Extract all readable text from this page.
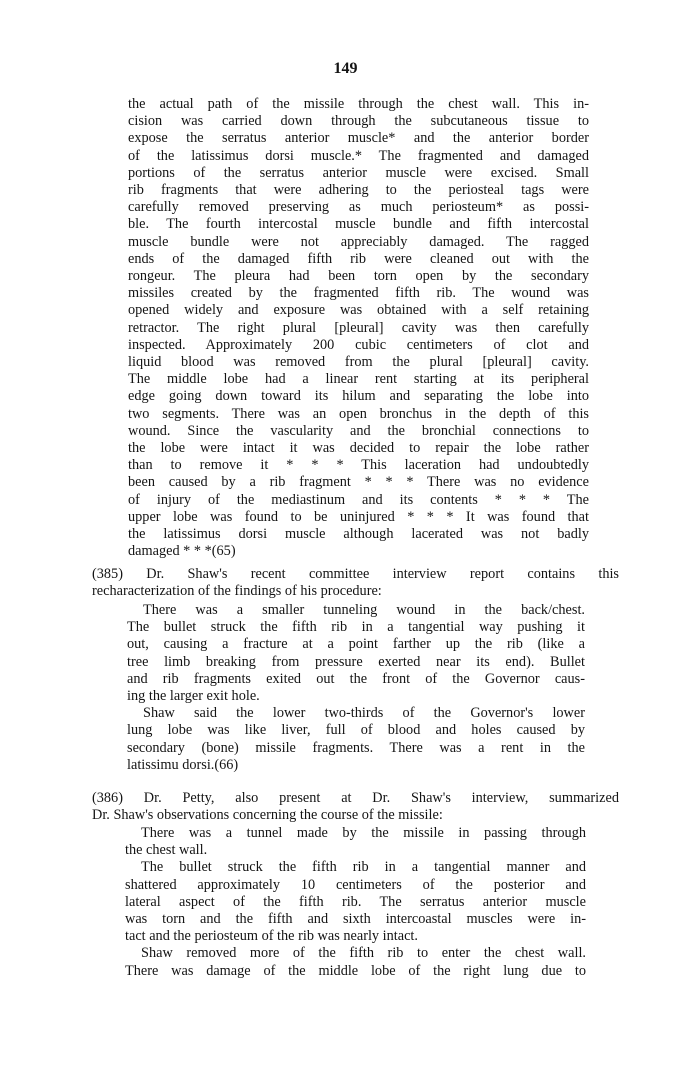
149

the actual path of the missile through the chest wall. This in-
cision was carried down through the subcutaneous tissue to
expose the serratus anterior muscle* and the anterior border
of the latissimus dorsi muscle.* The fragmented and damaged
portions of the serratus anterior muscle were excised. Small
rib fragments that were adhering to the periosteal tags were
carefully removed preserving as much periosteum* as possi-
ble. The fourth intercostal muscle bundle and fifth intercostal
muscle bundle were not appreciably damaged. The ragged
ends of the damaged fifth rib were cleaned out with the
rongeur. The pleura had been torn open by the secondary
missiles created by the fragmented fifth rib. The wound was
opened widely and exposure was obtained with a self retaining
retractor. The right plural [pleural] cavity was then carefully
inspected. Approximately 200 cubic centimeters of clot and
liquid blood was removed from the plural [pleural] cavity.
The middle lobe had a linear rent starting at its peripheral
edge going down toward its hilum and separating the lobe into
two segments. There was an open bronchus in the depth of this
wound. Since the vascularity and the bronchial connections to
the lobe were intact it was decided to repair the lobe rather
than to remove it * * * This laceration had undoubtedly
been caused by a rib fragment * * * There was no evidence
of injury of the mediastinum and its contents * * * The
upper lobe was found to be uninjured * * * It was found that
the latissimus dorsi muscle although lacerated was not badly
damaged * * *(65)

(385) Dr. Shaw's recent committee interview report contains this
recharacterization of the findings of his procedure:

There was a smaller tunneling wound in the back/chest.
The bullet struck the fifth rib in a tangential way pushing it
out, causing a fracture at a point farther up the rib (like a
tree limb breaking from pressure exerted near its end). Bullet
and rib fragments exited out the front of the Governor caus-
ing the larger exit hole.
Shaw said the lower two-thirds of the Governor's lower
lung lobe was like liver, full of blood and holes caused by
secondary (bone) missile fragments. There was a rent in the
latissimu dorsi.(66)

(386) Dr. Petty, also present at Dr. Shaw's interview, summarized
Dr. Shaw's observations concerning the course of the missile:

There was a tunnel made by the missile in passing through
the chest wall.
The bullet struck the fifth rib in a tangential manner and
shattered approximately 10 centimeters of the posterior and
lateral aspect of the fifth rib. The serratus anterior muscle
was torn and the fifth and sixth intercoastal muscles were in-
tact and the periosteum of the rib was nearly intact.
Shaw removed more of the fifth rib to enter the chest wall.
There was damage of the middle lobe of the right lung due to
